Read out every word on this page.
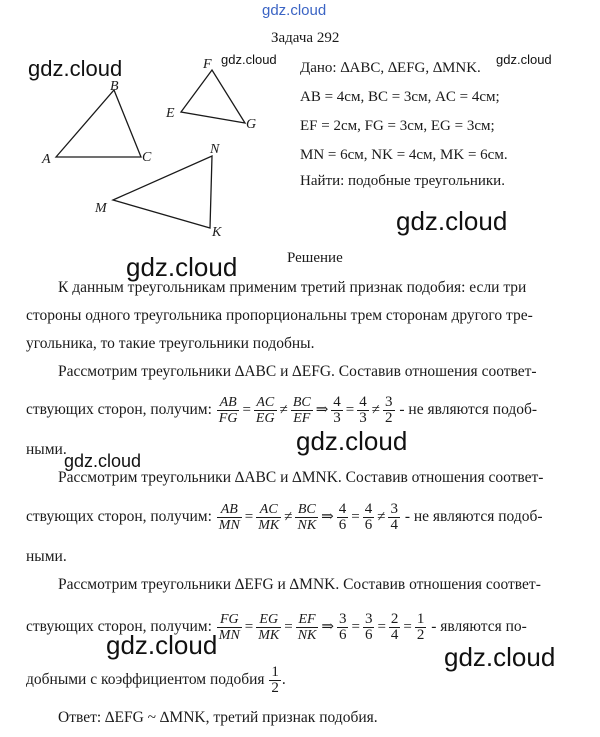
gdz.cloud
gdz.cloud	gdz.cloud	gdz.cloud
gdz.cloud
gdz.cloud
gdz.cloud
gdz.cloud
gdz.cloud	gdz.cloud
Задача 292
A
B
C
E
F
G
M
N
K
Дано: ∆ABC, ∆EFG, ∆MNK.
AB = 4см, BC = 3см, AC = 4см;
EF = 2см, FG = 3см, EG = 3см;
MN = 6см, NK = 4см, MK = 6см.
Найти: подобные треугольники.
Решение
К данным треугольникам применим третий признак подобия: если три
стороны одного треугольника пропорциональны трем сторонам другого тре-
угольника, то такие треугольники подобны.
Рассмотрим треугольники ∆ABC и ∆EFG. Составив отношения соответ-
ствующих сторон, получим: $\frac{AB}{FG} = \frac{AC}{EG} \ne \frac{BC}{EF}$ ⇒ $\frac{4}{3} = \frac{4}{3} \ne \frac{3}{2}$ - не являются подоб-
ными.
Рассмотрим треугольники ∆ABC и ∆MNK. Составив отношения соответ-
ствующих сторон, получим: $\frac{AB}{MN} = \frac{AC}{MK} \ne \frac{BC}{NK}$ ⇒ $\frac{4}{6} = \frac{4}{6} \ne \frac{3}{4}$ - не являются подоб-
ными.
Рассмотрим треугольники ∆EFG и ∆MNK. Составив отношения соответ-
ствующих сторон, получим: $\frac{FG}{MN} = \frac{EG}{MK} = \frac{EF}{NK}$ ⇒ $\frac{3}{6} = \frac{3}{6} = \frac{2}{4} = \frac{1}{2}$ - являются по-
добными с коэффициентом подобия $\frac{1}{2}$ .
Ответ: ∆EFG ~ ∆MNK, третий признак подобия.
